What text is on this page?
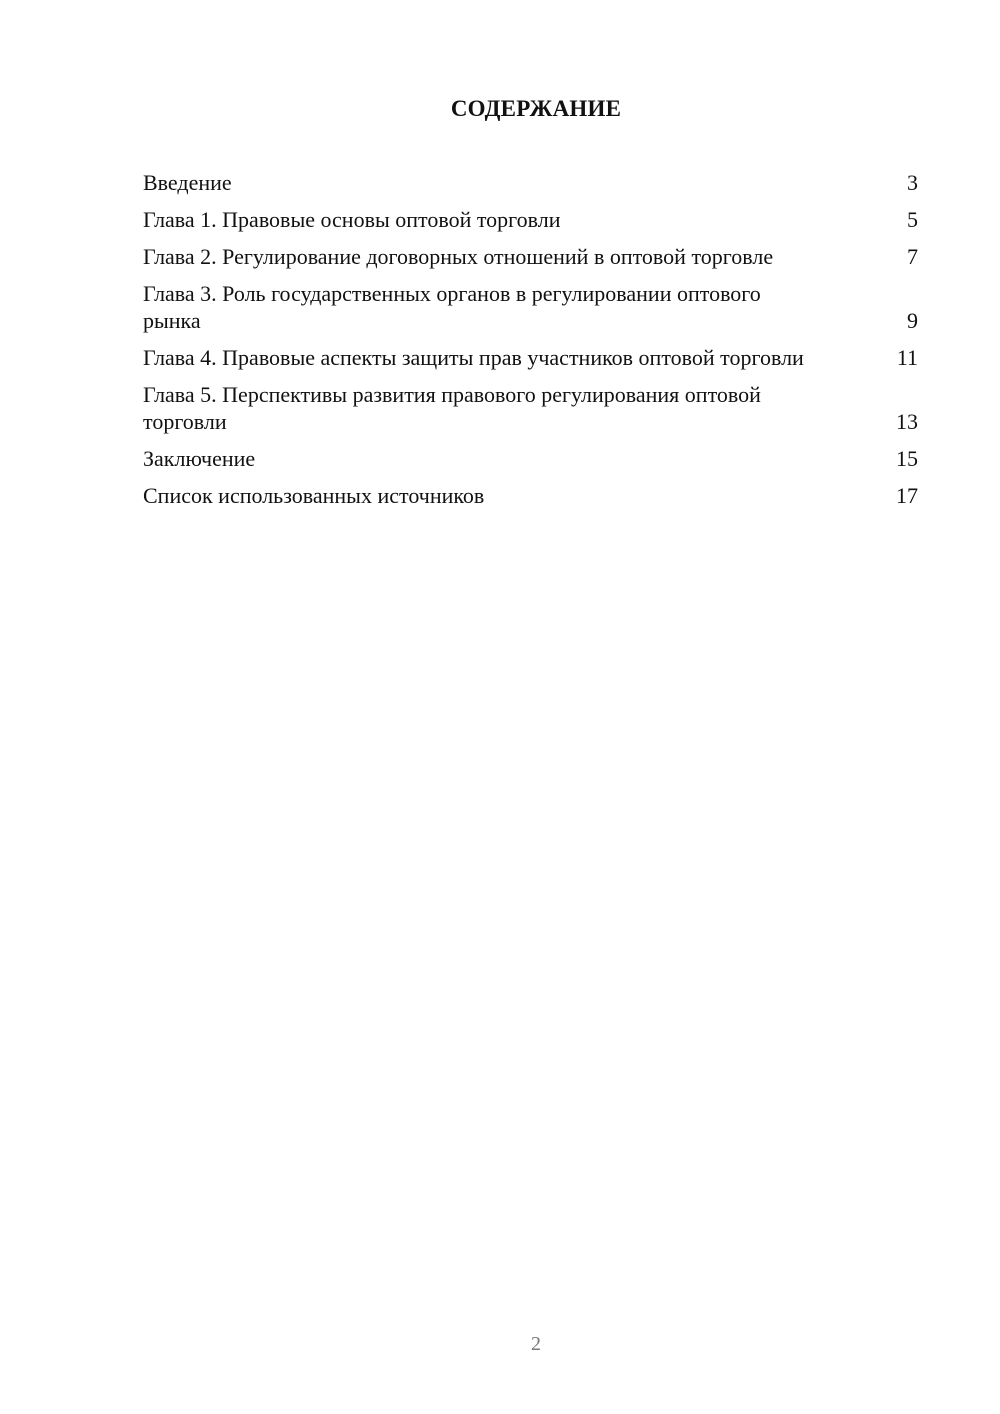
СОДЕРЖАНИЕ
Введение	3
Глава 1. Правовые основы оптовой торговли	5
Глава 2. Регулирование договорных отношений в оптовой торговле	7
Глава 3. Роль государственных органов в регулировании оптового рынка	9
Глава 4. Правовые аспекты защиты прав участников оптовой торговли	11
Глава 5. Перспективы развития правового регулирования оптовой торговли	13
Заключение	15
Список использованных источников	17
2
